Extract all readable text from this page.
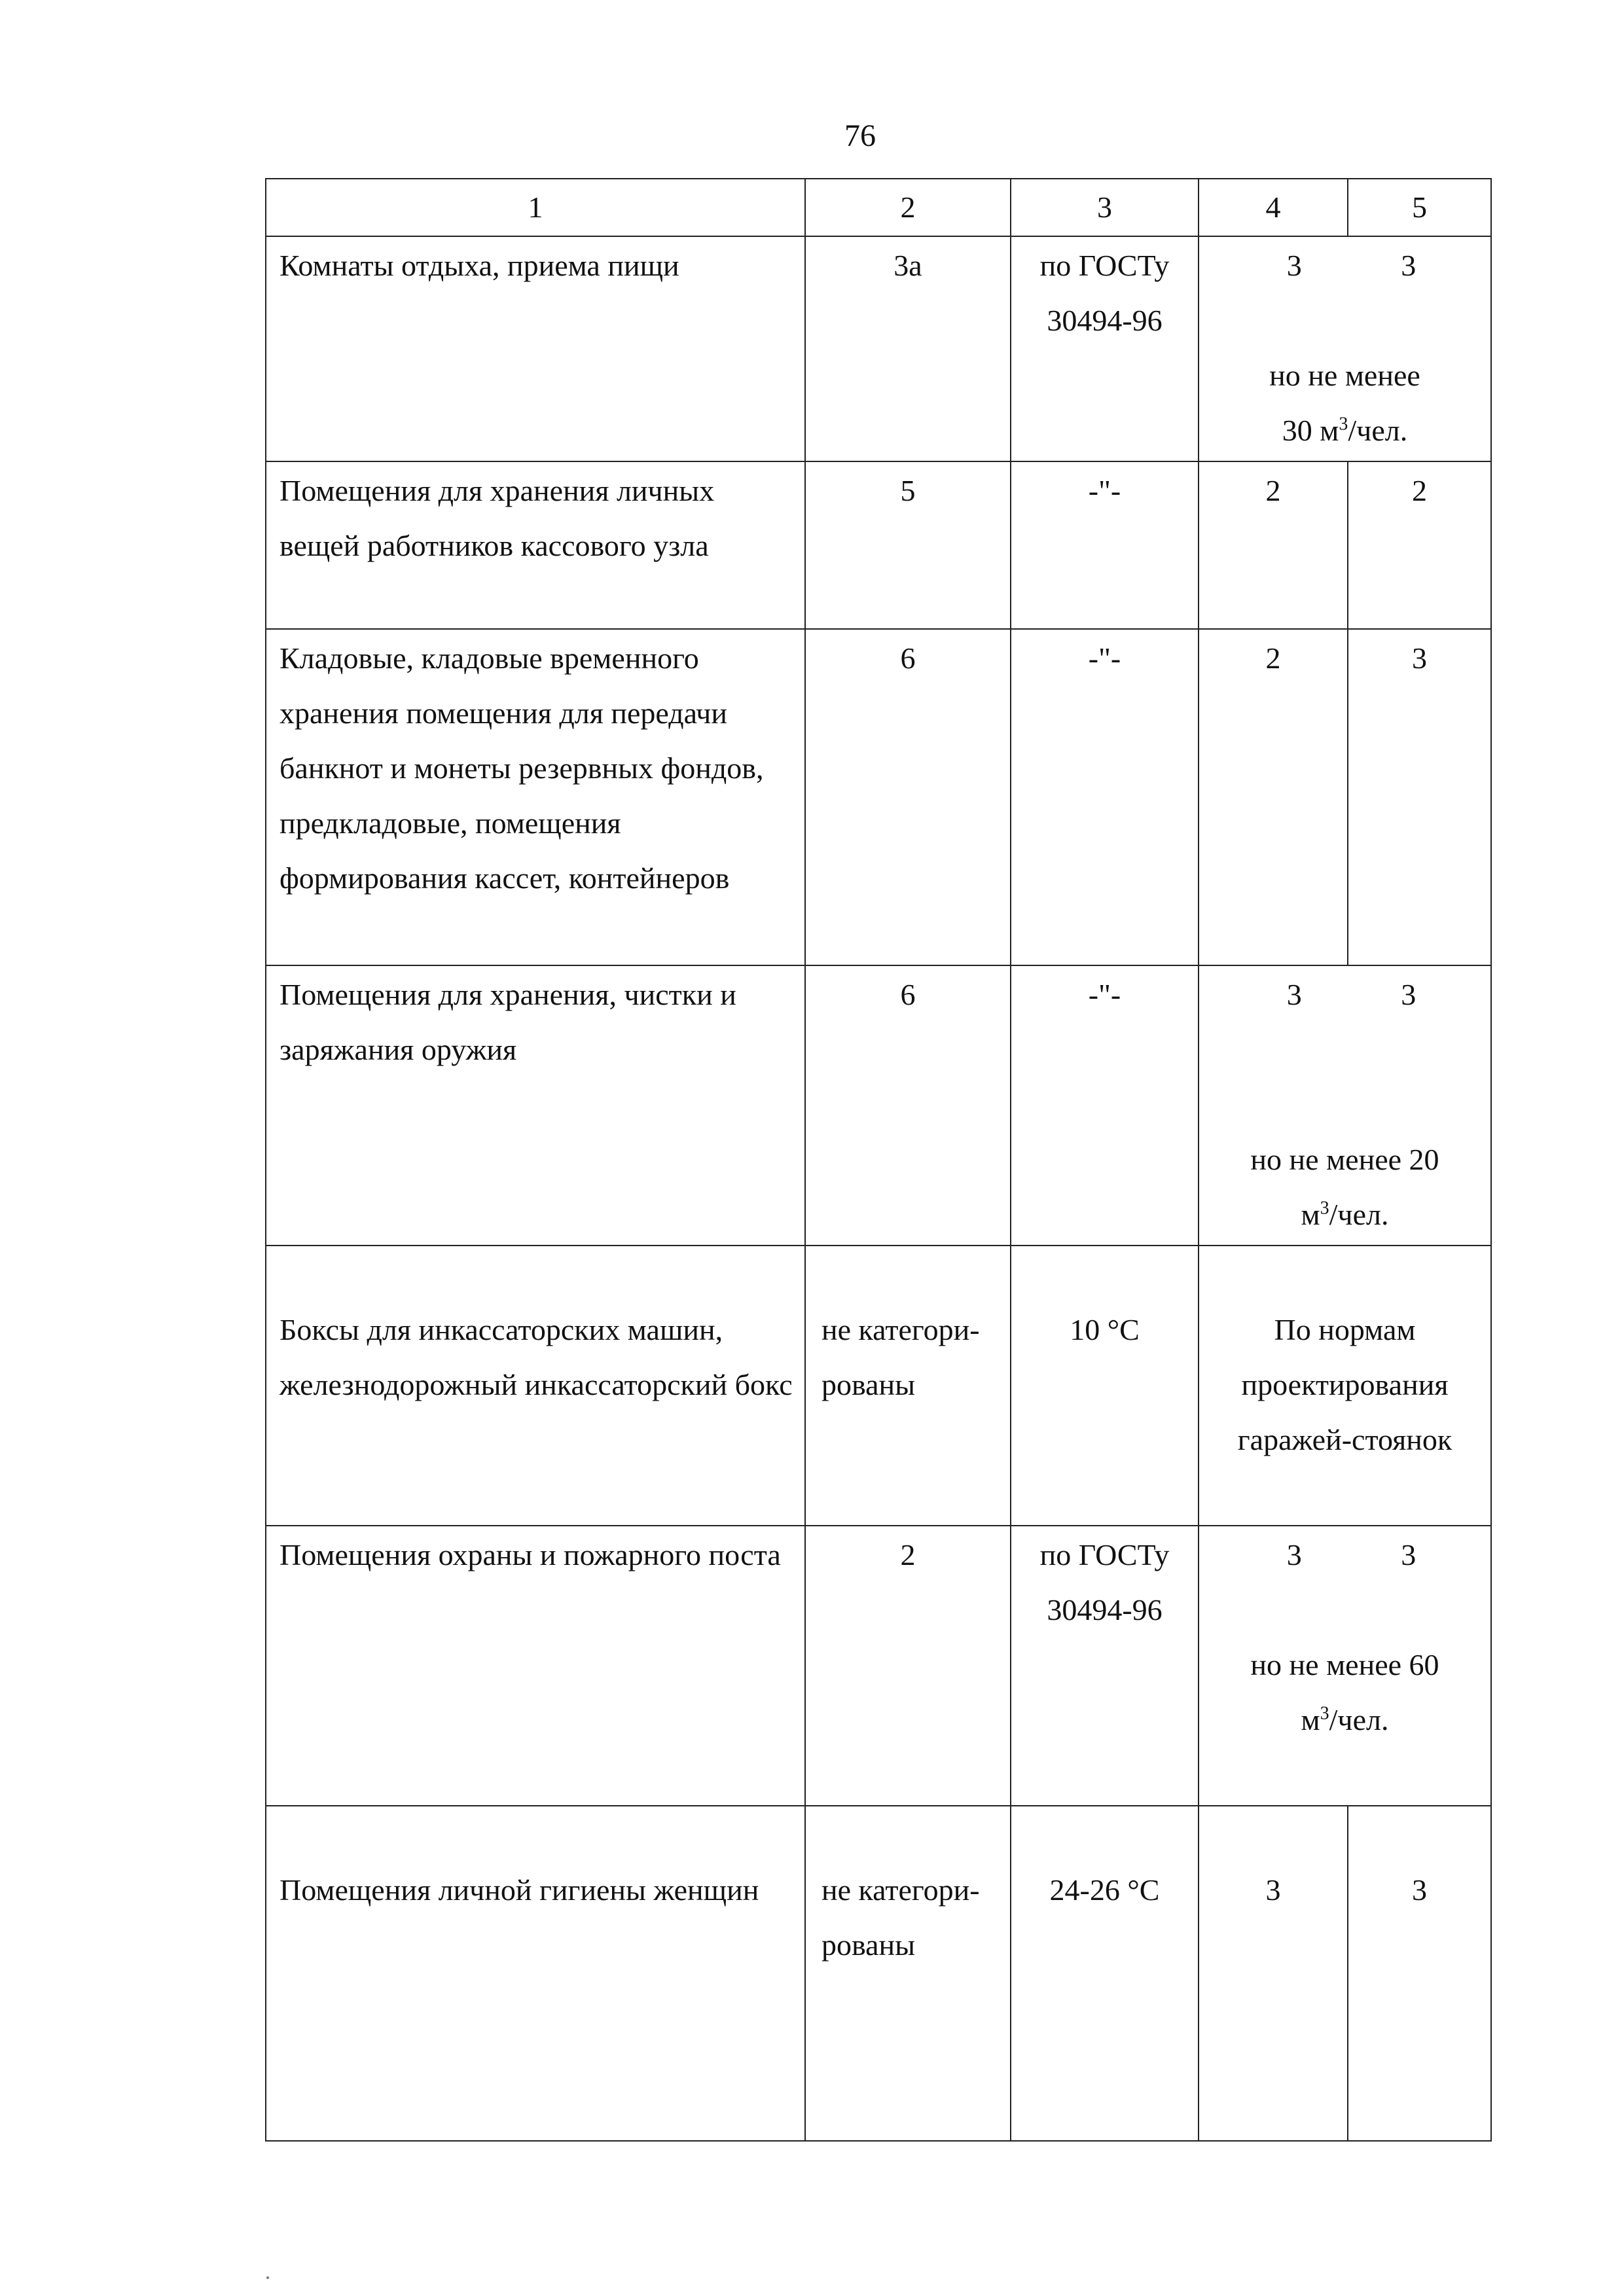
76
1	2	3	4	5
Комнаты отдыха, приема пищи	3а	по ГОСТу 30494-96	3 3
но не менее
30 $м^3$/чел.	

Помещения для хранения личных вещей работников кассового узла	5	-"-	2	2
Кладовые, кладовые временного хранения помещения для передачи банкнот и монеты резервных фондов, предкладовые, помещения формирования кассет, контейнеров	6	-"-	2	3
Помещения для хранения, чистки и заряжания оружия	6	-"-	3 3
но не менее 20
$м^3$/чел.	

Боксы для инкассаторских машин, железнодорожный инкассаторский бокс	не категори-рованы	10 °С	По нормам проектирования гаражей-стоянок	

Помещения охраны и пожарного поста	2	по ГОСТу 30494-96	3 3
но не менее 60
$м^3$/чел.	

Помещения личной гигиены женщин	не категори-рованы	24-26 °С	3	3
